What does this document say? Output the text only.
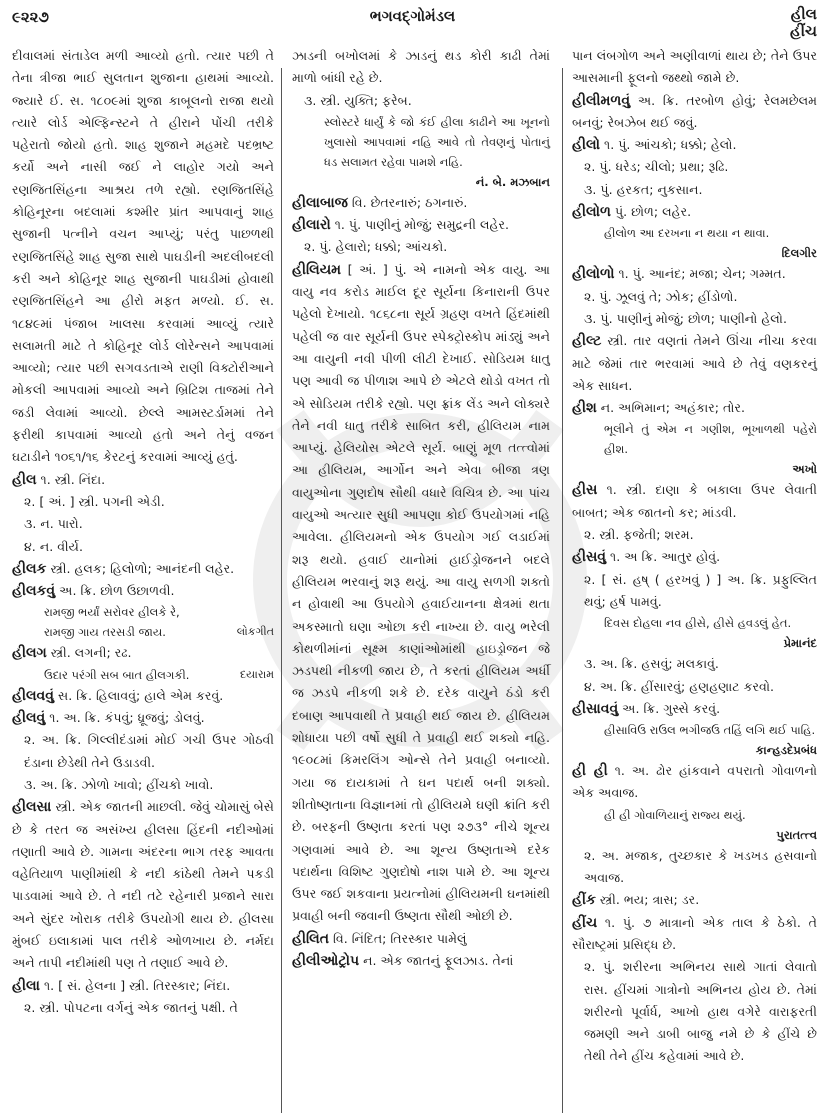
૯૨૨૭	ભગવદ્ગોમંડલ	હીલ
હીંચ
દીવાલમાં સંતાડેલ મળી આવ્યો હતો. ત્યાર પછી તે તેના ત્રીજા ભાઈ સુલતાન શુજાના હાથમાં આવ્યો. જ્યારે ઈ. સ. ૧૮૦૯માં શુજા કાબૂલનો રાજા થયો ત્યારે લોર્ડ એલ્ફિન્સ્ટને તે હીરાને પોંચી તરીકે પહેરાતો જોયો હતો. શાહ શુજાને મહમદે પદભ્રષ્ટ કર્યો અને નાસી જઈ ને લાહોર ગયો અને રણજિતસિંહના આશ્રય તળે રહ્યો. રણજિતસિંહે કોહિનૂરના બદલામાં કશ્મીર પ્રાંત આપવાનું શાહ સુજાની પત્નીને વચન આપ્યું; પરંતુ પાછળથી રણજિતસિંહે શાહ સુજા સાથે પાઘડીની અદલીબદલી કરી અને કોહિનૂર શાહ સુજાની પાઘડીમાં હોવાથી રણજિતસિંહને આ હીરો મફત મળ્યો. ઈ. સ. ૧૮૪૯માં પંજાબ ખાલસા કરવામાં આવ્યું ત્યારે સલામતી માટે તે કોહિનૂર લોર્ડ લોરેન્સને આપવામાં આવ્યો; ત્યાર પછી સગવડતાએ રાણી વિક્ટોરીઆને મોકલી આપવામાં આવ્યો અને બ્રિટિશ તાજમાં તેને જડી લેવામાં આવ્યો. છેલ્લે આમસ્ટર્ડામમાં તેને ફરીથી કાપવામાં આવ્યો હતો અને તેનું વજન ઘટાડીને ૧૦૬૧/૧૬ કેરટનું કરવામાં આવ્યું હતું.
હીલ ૧. સ્ત્રી. નિંદા.
૨. [ અં. ] સ્ત્રી. પગની એડી.
૩. ન. પારો.
૪. ન. વીર્ય.
હીલક સ્ત્રી. હલક; હિલોળો; આનંદની લહેર.
હીલકવું અ. ક્રિ. છોળ ઉછાળવી.
રામજી ભર્યાં સરોવર હીલકે રે,
રામજી ગાય તરસડી જાય.	લોકગીત
હીલગ સ્ત્રી. લગની; રઢ.
ઉદાર પરંગી સબ બાત હીલગકી.	દયારામ
હીલવવું સ. ક્રિ. હિલાવવું; હાલે એમ કરવું.
હીલવું ૧. અ. ક્રિ. કંપવું; ધ્રૂજવું; ડોલવું.
૨. અ. ક્રિ. ગિલ્લીદંડામાં મોઈ ગચી ઉપર ગોઠવી દંડાના છેડેથી તેને ઉડાડવી.
૩. અ. ક્રિ. ઝોળો ખાવો; હીંચકો ખાવો.
હીલસા સ્ત્રી. એક જાતની માછલી. જેવું ચોમાસું બેસે છે કે તરત જ અસંખ્ય હીલસા હિંદની નદીઓમાં તણાતી આવે છે. ગામના અંદરના ભાગ તરફ આવતા વહેતિયાળ પાણીમાંથી કે નદી કાંઠેથી તેમને પકડી પાડવામાં આવે છે. તે નદી તટે રહેનારી પ્રજાને સારા અને સુંદર ખોરાક તરીકે ઉપયોગી થાય છે. હીલસા મુંબઈ ઇલાકામાં પાલ તરીકે ઓળખાય છે. નર્મદા અને તાપી નદીમાંથી પણ તે તણાઈ આવે છે.
હીલા ૧. [ સં. હેલના ] સ્ત્રી. તિરસ્કાર; નિંદા.
૨. સ્ત્રી. પોપટના વર્ગનું એક જાતનું પક્ષી. તે
ઝાડની બખોલમાં કે ઝાડનું થડ કોરી કાઢી તેમાં માળો બાંધી રહે છે.
૩. સ્ત્રી. યુક્તિ; ફરેબ.
સ્લોસ્ટરે ધાર્યું કે જો કંઈ હીલા કાઢીને આ ખૂનનો ખુલાસો આપવામાં નહિ આવે તો તેવણનું પોતાનું ધડ સલામત રહેવા પામશે નહિ.
નં. બે. મઝબાન
હીલાબાજ વિ. છેતરનારું; ઠગનારું.
હીલારો ૧. પું. પાણીનું મોજું; સમુદ્રની લહેર.
૨. પું. હેલારો; ધક્કો; આંચકો.
હીલિયમ [ અં. ] પું. એ નામનો એક વાયુ. આ વાયુ નવ કરોડ માઈલ દૂર સૂર્યના કિનારાની ઉપર પહેલો દેખાયો. ૧૮૬૮ના સૂર્ય ગ્રહણ વખતે હિંદમાંથી પહેલી જ વાર સૂર્યની ઉપર સ્પેક્ટ્રોસ્કોપ માંડ્યું અને આ વાયુની નવી પીળી લીટી દેખાઈ. સોડિયમ ધાતુ પણ આવી જ પીળાશ આપે છે એટલે થોડો વખત તો એ સોડિયમ તરીકે રહ્યો. પણ ફ્રાંક લેંડ અને લોક્યરે તેને નવી ધાતુ તરીકે સાબિત કરી, હીલિયમ નામ આપ્યું. હેલિયોસ એટલે સૂર્ય. બાણું મૂળ તત્ત્વોમાં આ હીલિયમ, આર્ગોન અને એવા બીજા ત્રણ વાયુઓના ગુણદોષ સૌથી વધારે વિચિત્ર છે. આ પાંચ વાયુઓ અત્યાર સુધી આપણા કોઈ ઉપયોગમાં નહિ આવેલા. હીલિયમનો એક ઉપયોગ ગઈ લડાઈમાં શરૂ થયો. હવાઈ યાનોમાં હાઈડ્રોજનને બદલે હીલિયમ ભરવાનું શરૂ થયું. આ વાયુ સળગી શક્તો ન હોવાથી આ ઉપયોગે હવાઈયાનના ક્ષેત્રમાં થતા અકસ્માતો ઘણા ઓછા કરી નાખ્યા છે. વાયુ ભરેલી કોથળીમાંનાં સૂક્ષ્મ કાણાંઓમાંથી હાઇડ્રોજન જે ઝડપથી નીકળી જાય છે, તે કરતાં હીલિયમ અર્ધી જ ઝડપે નીકળી શકે છે. દરેક વાયુને ઠંડો કરી દબાણ આપવાથી તે પ્રવાહી થઈ જાય છે. હીલિયમ શોધાયા પછી વર્ષો સુધી તે પ્રવાહી થઈ શક્યો નહિ. ૧૯૦૮માં કિમરલિંગ ઓન્સે તેને પ્રવાહી બનાવ્યો. ગયા જ દાયકામાં તે ઘન પદાર્થ બની શક્યો. શીતોષ્ણતાના વિજ્ઞાનમાં તો હીલિયમે ઘણી ક્રાંતિ કરી છે. બરફની ઉષ્ણતા કરતાં પણ ૨૭૩° નીચે શૂન્ય ગણવામાં આવે છે. આ શૂન્ય ઉષ્ણતાએ દરેક પદાર્થના વિશિષ્ટ ગુણદોષો નાશ પામે છે. આ શૂન્ય ઉપર જઈ શકવાના પ્રયત્નોમાં હીલિયમની ઘનમાંથી પ્રવાહી બની જવાની ઉષ્ણતા સૌથી ઓછી છે.
હીલિત વિ. નિંદિત; તિરસ્કાર પામેલું
હીલીઓટ્રોપ ન. એક જાતનું ફૂલઝાડ. તેનાં
પાન લંબગોળ અને અણીવાળાં થાય છે; તેને ઉપર આસમાની ફૂલનો જથ્થો જામે છે.
હીલીમળવું અ. ક્રિ. તરબોળ હોવું; રેલમછેલમ બનવું; રેબઝેબ થઈ જવું.
હીલો ૧. પું. આંચકો; ધક્કો; હેલો.
૨. પું. ધરેડ; ચીલો; પ્રથા; રૂઢિ.
૩. પું. હરકત; નુકસાન.
હીલોળ પું. છોળ; લહેર.
હીલોળ આ દરખના ન થયા ન થાવા.
દિલગીર
હીલોળો ૧. પું. આનંદ; મજા; ચેન; ગમ્મત.
૨. પું. ઝૂલવું તે; ઝોક; હીંડોળો.
૩. પું. પાણીનું મોજું; છોળ; પાણીનો હેલો.
હીલ્ટ સ્ત્રી. તાર વણતાં તેમને ઊંચા નીચા કરવા માટે જેમાં તાર ભરવામાં આવે છે તેવું વણકરનું એક સાધન.
હીશ ન. અભિમાન; અહંકાર; તોર.
ભૂલીને તું એમ ન ગણીશ, ભૂખાળથી પહેરો હીશ.
અખો
હીસ ૧. સ્ત્રી. દાણા કે બકાલા ઉપર લેવાતી બાબત; એક જાતનો કર; માંડવી.
૨. સ્ત્રી. ફજેતી; શરમ.
હીસવું ૧. અ ક્રિ. આતુર હોવું.
૨. [ સં. હષ્ ( હરખવું ) ] અ. ક્રિ. પ્રફુલ્લિત થવું; હર્ષ પામવું.
દિવસ દોહલા નવ હીસે, હીસે હવડલું હેત.
પ્રેમાનંદ
૩. અ. ક્રિ. હસવું; મલકાવું.
૪. અ. ક્રિ. હીંસારવું; હણહણાટ કરવો.
હીસાવવું અ. ક્રિ. ગુસ્સે કરવું.
હીસાવિઉ રાઉલ ભગીજઉ તહિં લગિ થઈ પાહિ.
કાન્હડદેપ્રબંધ
હી હી ૧. અ. ઢોર હાંકવાને વપરાતો ગોવાળનો એક અવાજ.
હી હી ગોવાળિયાનું રાજ્ય થયું.
પુરાતત્ત્વ
૨. અ. મજાક, તુચ્છકાર કે ખડખડ હસવાનો અવાજ.
હીંક સ્ત્રી. ભય; ત્રાસ; ડર.
હીંચ ૧. પું. ૭ માત્રાનો એક તાલ કે ઠેકો. તે સૌરાષ્ટ્રમાં પ્રસિદ્ધ છે.
૨. પું. શરીરના અભિનય સાથે ગાતાં લેવાતો રાસ. હીંચમાં ગાત્રોનો અભિનય હોય છે. તેમાં શરીરનો પૂર્વાર્ધ, આખો હાથ વગેરે વારાફરતી જમણી અને ડાબી બાજુ નમે છે કે હીંચે છે તેથી તેને હીંચ કહેવામાં આવે છે.
